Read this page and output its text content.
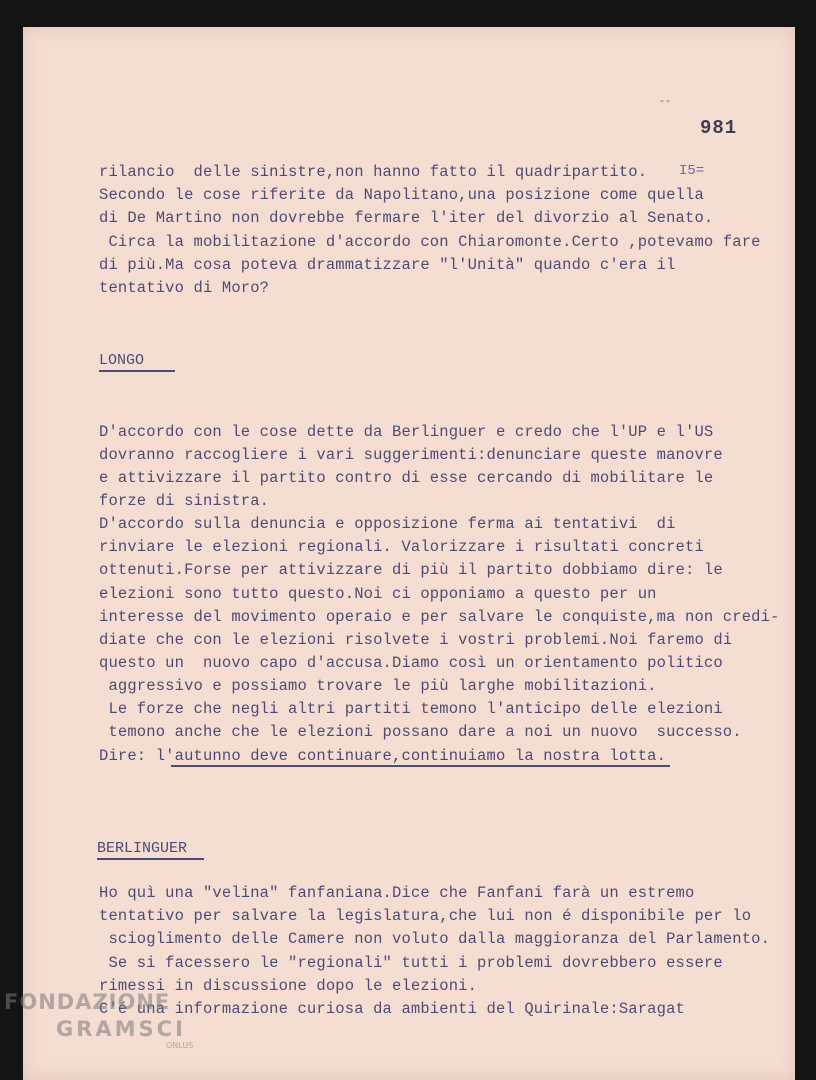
--
981
I5=
rilancio  delle sinistre,non hanno fatto il quadripartito.
Secondo le cose riferite da Napolitano,una posizione come quella
di De Martino non dovrebbe fermare l'iter del divorzio al Senato.
Circa la mobilitazione d'accordo con Chiaromonte.Certo ,potevamo fare
di più.Ma cosa poteva drammatizzare "l'Unità" quando c'era il
tentativo di Moro?
LONGO
D'accordo con le cose dette da Berlinguer e credo che l'UP e l'US
dovranno raccogliere i vari suggerimenti:denunciare queste manovre
e attivizzare il partito contro di esse cercando di mobilitare le
forze di sinistra.
D'accordo sulla denuncia e opposizione ferma ai tentativi  di
rinviare le elezioni regionali. Valorizzare i risultati concreti
ottenuti.Forse per attivizzare di più il partito dobbiamo dire: le
elezioni sono tutto questo.Noi ci opponiamo a questo per un
interesse del movimento operaio e per salvare le conquiste,ma non credi-
diate che con le elezioni risolvete i vostri problemi.Noi faremo di
questo un  nuovo capo d'accusa.Diamo così un orientamento politico
aggressivo e possiamo trovare le più larghe mobilitazioni.
Le forze che negli altri partiti temono l'anticipo delle elezioni
temono anche che le elezioni possano dare a noi un nuovo  successo.
Dire: l'autunno deve continuare,continuiamo la nostra lotta.
BERLINGUER
Ho quì una "velina" fanfaniana.Dice che Fanfani farà un estremo
tentativo per salvare la legislatura,che lui non é disponibile per lo
scioglimento delle Camere non voluto dalla maggioranza del Parlamento.
Se si facessero le "regionali" tutti i problemi dovrebbero essere
rimessi in discussione dopo le elezioni.
C'é una informazione curiosa da ambienti del Quirinale:Saragat
FONDAZIONE
GRAMSCI
ONLUS
